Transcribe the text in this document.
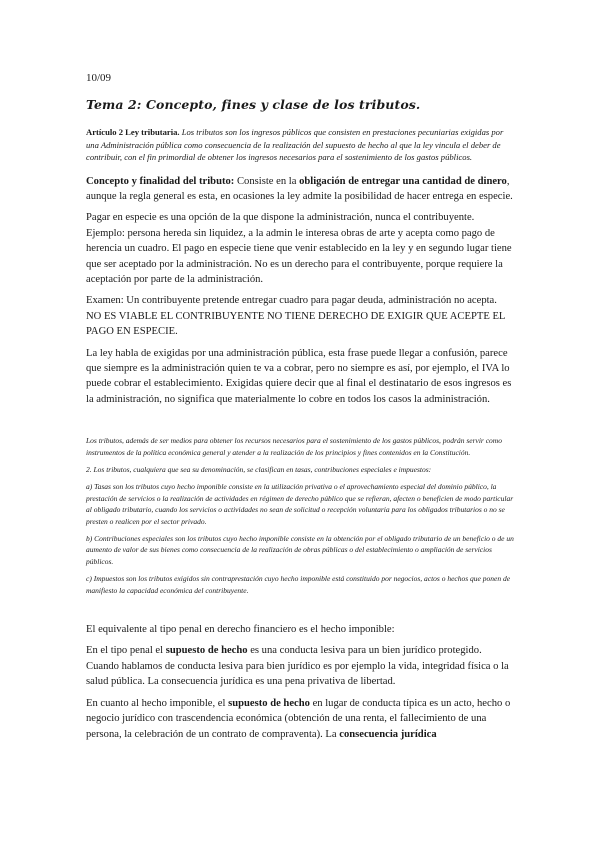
10/09

Tema 2: Concepto, fines y clase de los tributos.

Artículo 2 Ley tributaria. Los tributos son los ingresos públicos que consisten en prestaciones pecuniarias exigidas por una Administración pública como consecuencia de la realización del supuesto de hecho al que la ley vincula el deber de contribuir, con el fin primordial de obtener los ingresos necesarios para el sostenimiento de los gastos públicos.

Concepto y finalidad del tributo: Consiste en la obligación de entregar una cantidad de dinero, aunque la regla general es esta, en ocasiones la ley admite la posibilidad de hacer entrega en especie.

Pagar en especie es una opción de la que dispone la administración, nunca el contribuyente. Ejemplo: persona hereda sin liquidez, a la admin le interesa obras de arte y acepta como pago de herencia un cuadro. El pago en especie tiene que venir establecido en la ley y en segundo lugar tiene que ser aceptado por la administración. No es un derecho para el contribuyente, porque requiere la aceptación por parte de la administración.

Examen: Un contribuyente pretende entregar cuadro para pagar deuda, administración no acepta. NO ES VIABLE EL CONTRIBUYENTE NO TIENE DERECHO DE EXIGIR QUE ACEPTE EL PAGO EN ESPECIE.

La ley habla de exigidas por una administración pública, esta frase puede llegar a confusión, parece que siempre es la administración quien te va a cobrar, pero no siempre es así, por ejemplo, el IVA lo puede cobrar el establecimiento. Exigidas quiere decir que al final el destinatario de esos ingresos es la administración, no significa que materialmente lo cobre en todos los casos la administración.

Los tributos, además de ser medios para obtener los recursos necesarios para el sostenimiento de los gastos públicos, podrán servir como instrumentos de la política económica general y atender a la realización de los principios y fines contenidos en la Constitución.

2. Los tributos, cualquiera que sea su denominación, se clasifican en tasas, contribuciones especiales e impuestos:

a) Tasas son los tributos cuyo hecho imponible consiste en la utilización privativa o el aprovechamiento especial del dominio público, la prestación de servicios o la realización de actividades en régimen de derecho público que se refieran, afecten o beneficien de modo particular al obligado tributario, cuando los servicios o actividades no sean de solicitud o recepción voluntaria para los obligados tributarios o no se presten o realicen por el sector privado.

b) Contribuciones especiales son los tributos cuyo hecho imponible consiste en la obtención por el obligado tributario de un beneficio o de un aumento de valor de sus bienes como consecuencia de la realización de obras públicas o del establecimiento o ampliación de servicios públicos.

c) Impuestos son los tributos exigidos sin contraprestación cuyo hecho imponible está constituido por negocios, actos o hechos que ponen de manifiesto la capacidad económica del contribuyente.

El equivalente al tipo penal en derecho financiero es el hecho imponible:

En el tipo penal el supuesto de hecho es una conducta lesiva para un bien jurídico protegido. Cuando hablamos de conducta lesiva para bien jurídico es por ejemplo la vida, integridad física o la salud pública. La consecuencia jurídica es una pena privativa de libertad.

En cuanto al hecho imponible, el supuesto de hecho en lugar de conducta típica es un acto, hecho o negocio jurídico con trascendencia económica (obtención de una renta, el fallecimiento de una persona, la celebración de un contrato de compraventa). La consecuencia jurídica
